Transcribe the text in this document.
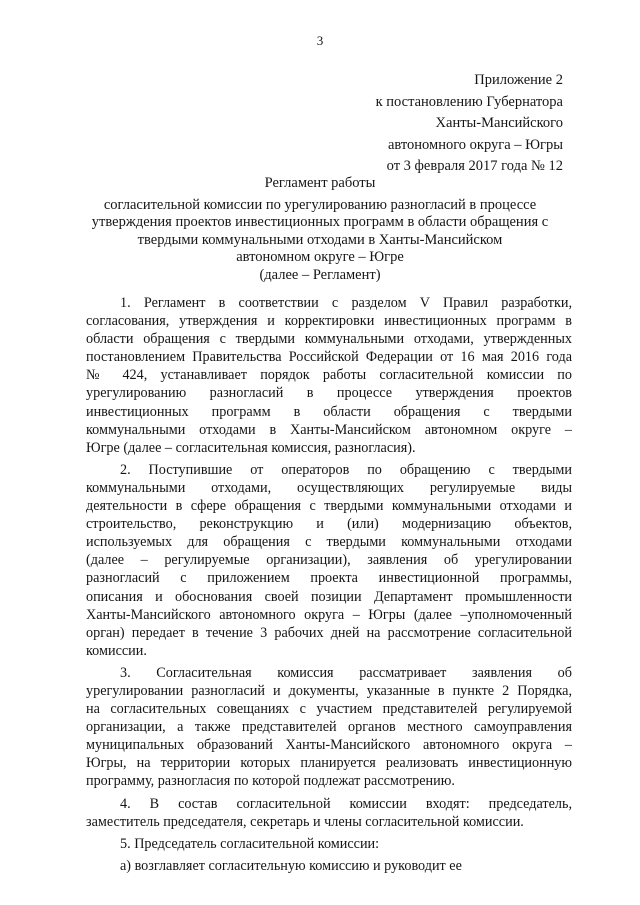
3
Приложение 2
к постановлению Губернатора
Ханты-Мансийского
автономного округа – Югры
от 3 февраля 2017 года № 12
Регламент работы
согласительной комиссии по урегулированию разногласий в процессе
утверждения проектов инвестиционных программ в области обращения с
твердыми коммунальными отходами в Ханты-Мансийском
автономном округе – Югре
(далее – Регламент)
1. Регламент в соответствии с разделом V Правил разработки,
согласования, утверждения и корректировки инвестиционных программ в
области обращения с твердыми коммунальными отходами, утвержденных
постановлением Правительства Российской Федерации от 16 мая 2016 года
№ 424, устанавливает порядок работы согласительной комиссии по
урегулированию разногласий в процессе утверждения проектов
инвестиционных программ в области обращения с твердыми
коммунальными отходами в Ханты-Мансийском автономном округе –
Югре (далее – согласительная комиссия, разногласия).
2. Поступившие от операторов по обращению с твердыми
коммунальными отходами, осуществляющих регулируемые виды
деятельности в сфере обращения с твердыми коммунальными отходами и
строительство, реконструкцию и (или) модернизацию объектов,
используемых для обращения с твердыми коммунальными отходами
(далее – регулируемые организации), заявления об урегулировании
разногласий с приложением проекта инвестиционной программы,
описания и обоснования своей позиции Департамент промышленности
Ханты-Мансийского автономного округа – Югры (далее –уполномоченный
орган) передает в течение 3 рабочих дней на рассмотрение согласительной
комиссии.
3. Согласительная комиссия рассматривает заявления об
урегулировании разногласий и документы, указанные в пункте 2 Порядка,
на согласительных совещаниях с участием представителей регулируемой
организации, а также представителей органов местного самоуправления
муниципальных образований Ханты-Мансийского автономного округа –
Югры, на территории которых планируется реализовать инвестиционную
программу, разногласия по которой подлежат рассмотрению.
4. В состав согласительной комиссии входят: председатель,
заместитель председателя, секретарь и члены согласительной комиссии.
5. Председатель согласительной комиссии:
а) возглавляет согласительную комиссию и руководит ее
